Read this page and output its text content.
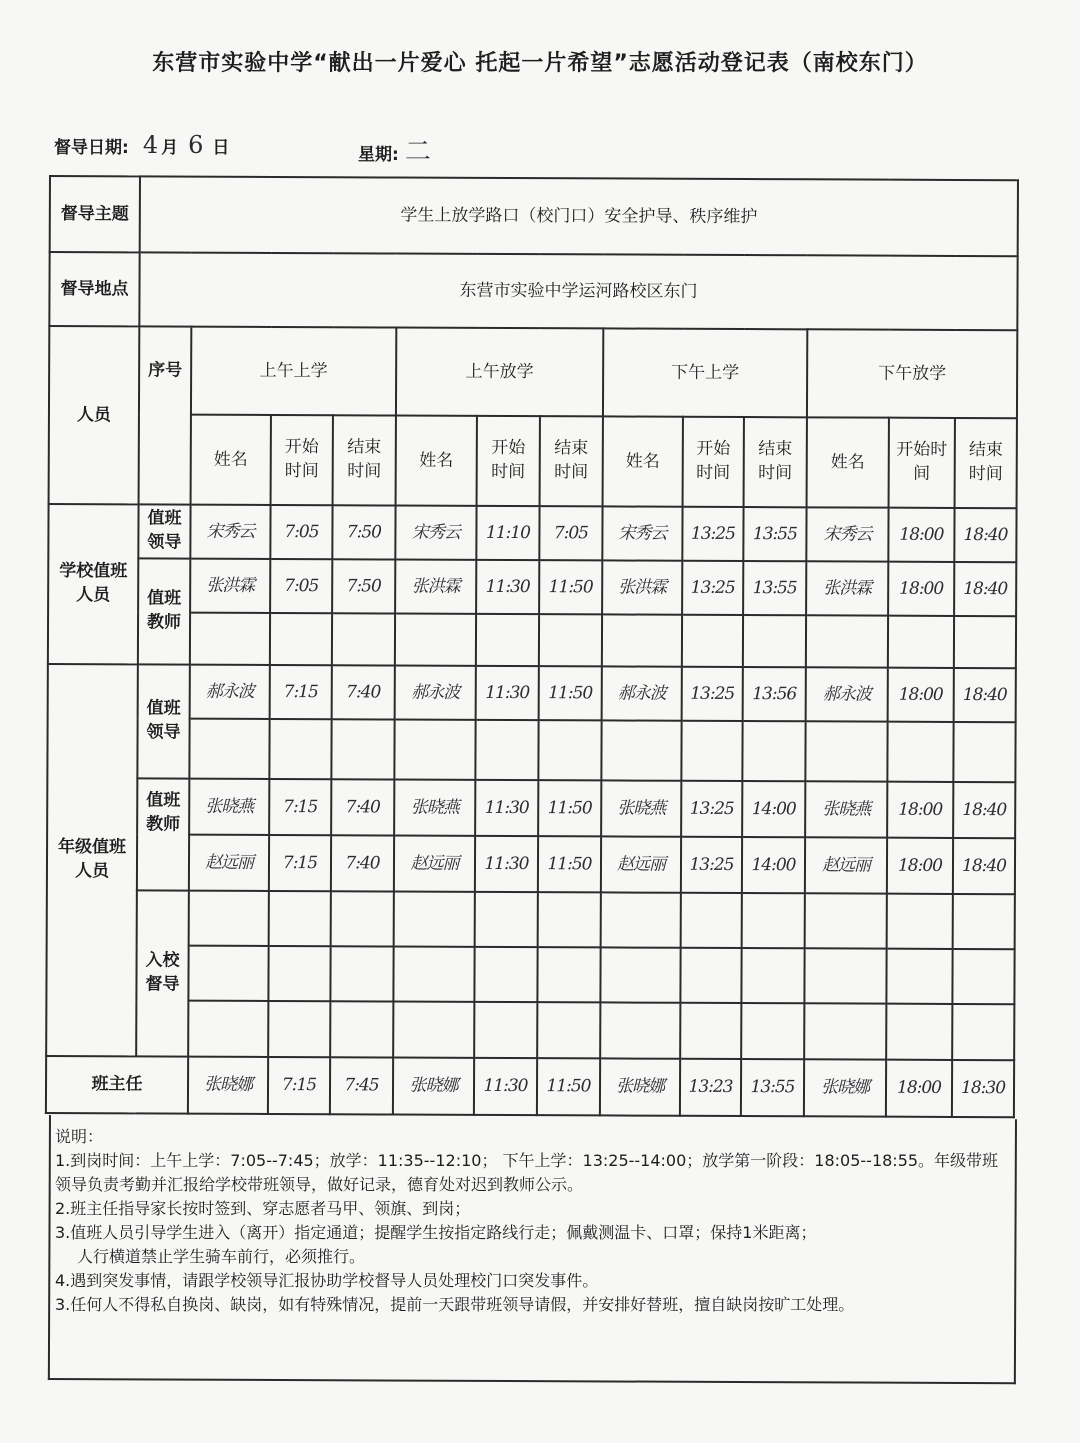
东营市实验中学“献出一片爱心 托起一片希望”志愿活动登记表（南校东门）
督导日期: 4 月 6 日	星期: 二
督导主题	学生上放学路口（校门口）安全护导、秩序维护												
督导地点	东营市实验中学运河路校区东门												
人员	序号	上午上学			上午放学			下午上学			下午放学		
		姓名	开始时间	结束时间	姓名	开始时间	结束时间	姓名	开始时间	结束时间	姓名	开始时间	结束时间
学校值班人员	值班领导	宋秀云	7:05	7:50	宋秀云	11:10	7:05	宋秀云	13:25	13:55	宋秀云	18:00	18:40
	值班教师	张洪霖	7:05	7:50	张洪霖	11:30	11:50	张洪霖	13:25	13:55	张洪霖	18:00	18:40

年级值班人员	值班领导	郝永波	7:15	7:40	郝永波	11:30	11:50	郝永波	13:25	13:56	郝永波	18:00	18:40

	值班教师	张晓燕	7:15	7:40	张晓燕	11:30	11:50	张晓燕	13:25	14:00	张晓燕	18:00	18:40
		赵远丽	7:15	7:40	赵远丽	11:30	11:50	赵远丽	13:25	14:00	赵远丽	18:00	18:40
	入校督导												

班主任		张晓娜	7:15	7:45	张晓娜	11:30	11:50	张晓娜	13:23	13:55	张晓娜	18:00	18:30
说明：
1.到岗时间：上午上学：7:05--7:45；放学：11:35--12:10； 下午上学：13:25--14:00；放学第一阶段：18:05--18:55。年级带班领导负责考勤并汇报给学校带班领导，做好记录，德育处对迟到教师公示。
2.班主任指导家长按时签到、穿志愿者马甲、领旗、到岗；
3.值班人员引导学生进入（离开）指定通道；提醒学生按指定路线行走；佩戴测温卡、口罩；保持1米距离；
人行横道禁止学生骑车前行，必须推行。
4.遇到突发事情，请跟学校领导汇报协助学校督导人员处理校门口突发事件。
3.任何人不得私自换岗、缺岗，如有特殊情况，提前一天跟带班领导请假，并安排好替班，擅自缺岗按旷工处理。
